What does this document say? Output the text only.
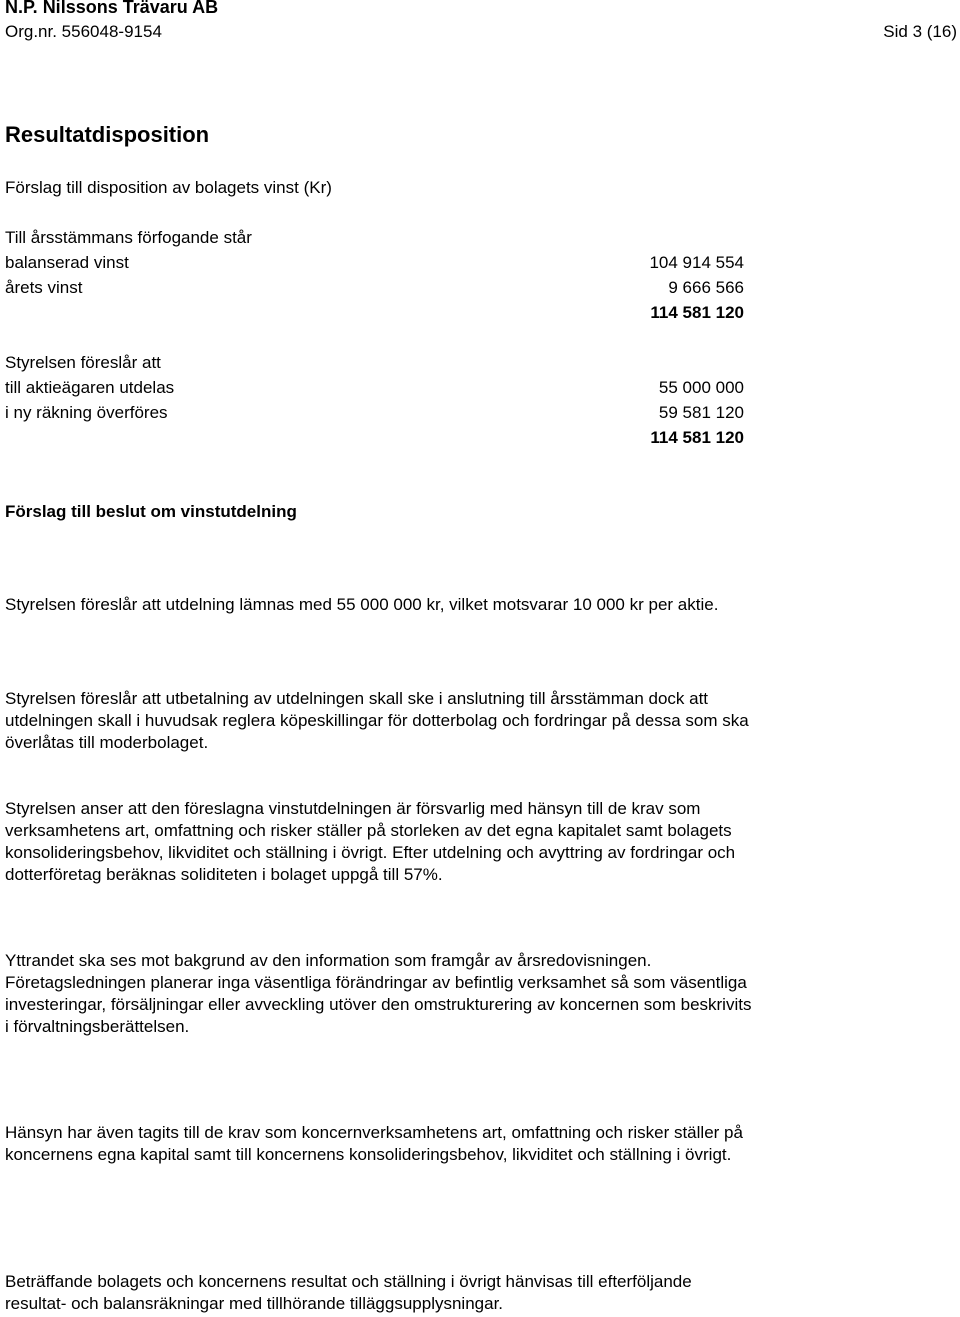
N.P. Nilssons Trävaru AB
Org.nr. 556048-9154	Sid 3 (16)
Resultatdisposition
Förslag till disposition av bolagets vinst (Kr)
Till årsstämmans förfogande står
balanserad vinst	104 914 554
årets vinst	9 666 566
114 581 120
Styrelsen föreslår att
till aktieägaren utdelas	55 000 000
i ny räkning överföres	59 581 120
114 581 120
Förslag till beslut om vinstutdelning
Styrelsen föreslår att utdelning lämnas med 55 000 000 kr, vilket motsvarar 10 000 kr per aktie.
Styrelsen föreslår att utbetalning av utdelningen skall ske i anslutning till årsstämman dock att
utdelningen skall i huvudsak reglera köpeskillingar för dotterbolag och fordringar på dessa som ska
överlåtas till moderbolaget.
Styrelsen anser att den föreslagna vinstutdelningen är försvarlig med hänsyn till de krav som
verksamhetens art, omfattning och risker ställer på storleken av det egna kapitalet samt bolagets
konsolideringsbehov, likviditet och ställning i övrigt. Efter utdelning och avyttring av fordringar och
dotterföretag beräknas soliditeten i bolaget uppgå till 57%.
Yttrandet ska ses mot bakgrund av den information som framgår av årsredovisningen.
Företagsledningen planerar inga väsentliga förändringar av befintlig verksamhet så som väsentliga
investeringar, försäljningar eller avveckling utöver den omstrukturering av koncernen som beskrivits
i förvaltningsberättelsen.
Hänsyn har även tagits till de krav som koncernverksamhetens art, omfattning och risker ställer på
koncernens egna kapital samt till koncernens konsolideringsbehov, likviditet och ställning i övrigt.
Beträffande bolagets och koncernens resultat och ställning i övrigt hänvisas till efterföljande
resultat- och balansräkningar med tillhörande tilläggsupplysningar.
